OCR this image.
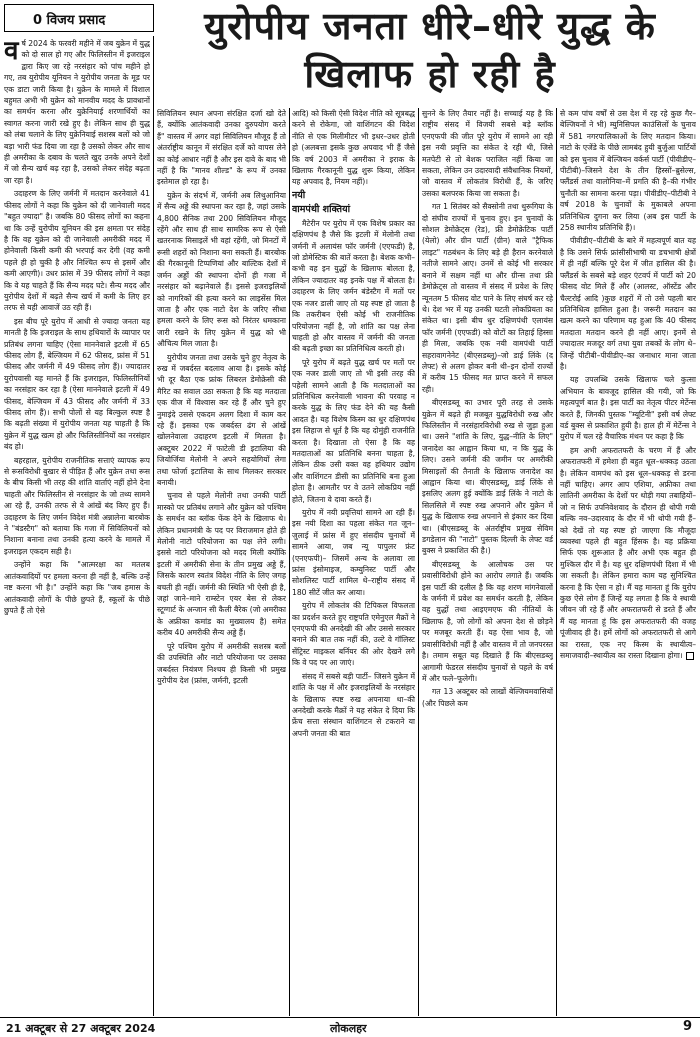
0 विजय प्रसाद	युरोपीय जनता धीरे–धीरे युद्ध के
खिलाफ हो रही है

वर्ष 2024 के फरवरी महीने में जब युक्रेन में युद्ध को दो साल हो गए और फिलिस्तीन में इजराइल द्वारा किए जा रहे नरसंहार को पांच महीने हो गए, तब युरोपीय यूनियन ने युरोपीय जनता के मूड पर एक डाटा जारी किया है। युक्रेन के मामले में विशाल बहुमत अभी भी युक्रेन को मानवीय मदद के प्रावधानों का समर्थन करना और युक्रेनियाई शरणार्थियों का स्वागत करना जारी रखे हुए है। लेकिन साथ ही युद्ध को लंबा चलाने के लिए युक्रेनियाई सशस्त्र बलों को जो बड़ा भारी फंड दिया जा रहा है उसको लेकर और साथ ही अमरीका के दबाव के चलते खुद उनके अपने देशों में जो सैन्य खर्च बढ़ रहा है, उसको लेकर संदेह बढ़ता जा रहा है।

उदाहरण के लिए जर्मनी में मतदान करनेवाले 41 फीसद लोगों ने कहा कि युक्रेन को दी जानेवाली मदद "बहुत ज्यादा" है। जबकि 80 फीसद लोगों का कहना था कि उन्हें युरोपीय यूनियन की इस क्षमता पर संदेह है कि वह युक्रेन को दी जानेवाली अमरीकी मदद में होनेवाली किसी कमी की भरपाई कर देगी (वह कमी पहले ही हो चुकी है और निश्चित रूप से इसमें और कमी आएगी)। उधर फ्रांस में 39 फीसद लोगों ने कहा कि वे यह चाहते हैं कि सैन्य मदद घटे। सैन्य मदद और युरोपीय देशों में बढ़ते सैन्य खर्च में कमी के लिए हर तरफ से यही आवाजें उठ रही हैं।

इस बीच पूरे युरोप में आधी से ज्यादा जनता यह मानती है कि इजराइल के साथ हथियारों के व्यापार पर प्रतिबंध लगना चाहिए (ऐसा माननेवाले इटली में 65 फीसद लोग हैं, बेल्जियम में 62 फीसद, फ्रांस में 51 फीसद और जर्मनी में 49 फीसद लोग हैं)। ज्यादातर युरोपवासी यह मानते हैं कि इजराइल, फिलिस्तीनियों का नरसंहार कर रहा है (ऐसा माननेवाले इटली में 49 फीसद, बेल्जियम में 43 फीसद और जर्मनी में 33 फीसद लोग हैं)। सभी पोलों से यह बिल्कुल स्पष्ट है कि बढ़ती संख्या में युरोपीय जनता यह चाहती है कि युक्रेन में युद्ध खत्म हो और फिलिस्तीनियों का नरसंहार बंद हो।

बहरहाल, युरोपीय राजनीतिक सत्ताएं व्यापक रूप से रूसविरोधी बुखार से पीड़ित हैं और युक्रेन तथा रूस के बीच किसी भी तरह की शांति वार्ताएं नहीं होने देना चाहती और फिलिस्तीन से नरसंहार के जो तथ्य सामने आ रहे हैं, उनकी तरफ से वे आंखें बंद किए हुए हैं। उदाहरण के लिए जर्मन विदेश मंत्री अन्नालेना बारबोक ने "बंडस्टैग" को बताया कि गजा में सिविलियनों को निशाना बनाना तथा उनकी हत्या करने के मामले में इजराइल एकदम सही है।

उन्होंने कहा कि "आत्मरक्षा का मतलब आतंकवादियों पर हमला करना ही नहीं है, बल्कि उन्हें नष्ट करना भी है।" उन्होंने कहा कि "जब हमास के आतंकवादी लोगों के पीछे छुपते हैं, स्कूलों के पीछे छुपते हैं तो ऐसे

सिविलियन स्थान अपना संरक्षित दर्जा खो देते हैं, क्योंकि आतंकवादी उनका दुरुपयोग करते हैं" वास्तव में अगर वहां सिविलियन मौजूद हैं तो अंतर्राष्ट्रीय कानून में संरक्षित दर्जे को वापस लेने का कोई आधार नहीं है और इस दावे के बाद भी नहीं है कि "मानव शील्ड" के रूप में उनका इस्तेमाल हो रहा है।

युक्रेन के संदर्भ में, जर्मनी अब लिथुआनिया में सैन्य अड्डे की स्थापना कर रहा है, जहां उसके 4,800 सैनिक तथा 200 सिविलियन मौजूद रहेंगे और साथ ही साथ सामरिक रूप से ऐसी खतरनाक मिसाइलें भी वहां रहेंगी, जो मिनटों में रूसी शहरों को निशाना बना सकती हैं। बारबोक की गैरकानूनी टिप्पणियां और बाल्टिक देशों में जर्मन अड्डों की स्थापना दोनों ही गजा में नरसंहार को बढ़ानेवाले हैं। इससे इजराइलियों को नागरिकों की हत्या करने का लाइसेंस मिल जाता है और एक नाटो देश के जरिए सीधा हमला करने के लिए रूस को निरंतर धमकाना जारी रखने के लिए युक्रेन में युद्ध को भी औचित्य मिल जाता है।

युरोपीय जनता तथा उसके चुने हुए नेतृत्व के रुख में जबर्दस्त बदलाव आया है। इसके कोई भी दूर बैठा एक फ्रांक लिबरल डेमोक्रेसी की मैरिट का सवाल उठा सकता है कि यह मतदाता एक वीज में विश्वास कर रहे हैं और चुने हुए नुमाइंदे उससे एकदम अलग दिशा में काम कर रहे हैं। इसका एक जबर्दस्त ढंग से आंखें खोलनेवाला उदाहरण इटली में मिलता है। अक्टूबर 2022 में फाटेली डी इटालिया की जियोर्जिया मेलोनी ने अपने सहयोगियों लेगा तथा फोर्जा इटालिया के साथ मिलकर सरकार बनायी।

चुनाव से पहले मेलोनी तथा उनकी पार्टी मास्को पर प्रतिबंध लगाने और युक्रेन को पश्चिम के समर्थन का ब्लॉक फेंक देने के खिलाफ थे। लेकिन प्रधानमंत्री के पद पर विराजमान होते ही मेलोनी नाटो परियोजना का पक्ष लेने लगी। इससे नाटो परियोजना को मदद मिली क्योंकि इटली में अमरीकी सेना के तीन प्रमुख अड्डे हैं, जिसके कारण स्वतंत्र विदेश नीति के लिए जगह बचती ही नहीं। जर्मनी की स्थिति भी ऐसी ही है, जहां जाने–माने राम्स्टेन एयर बेस से लेकर स्टूग्गार्ट के अन्जान सी कैली बैरेक (जो अमरीका के अफ्रीका कमांड का मुख्यालय है) समेत करीब 40 अमरीकी सैन्य अड्डे हैं।

पूरे पश्चिम युरोप में अमरीकी सशस्त्र बलों की उपस्थिति और नाटो परियोजना पर उसका जबर्दस्त नियंत्रण निश्चय ही किसी भी प्रमुख युरोपीय देश (फ्रांस, जर्मनी, इटली

आदि) को किसी ऐसी विदेश नीति को सूत्रबद्ध करने से रोकेगा, जो वाशिंगटन की विदेश नीति से एक मिलीमीटर भी इधर–उधर होती हो (अलबत्ता इसके कुछ अपवाद भी हैं जैसे कि वर्ष 2003 में अमरीका ने इराक के खिलाफ गैरकानूनी युद्ध शुरू किया, लेकिन यह अपवाद है, नियम नहीं)।

नयी

वामपंथी शक्तियां

मैटेरीन पर युरोप में एक विशेष प्रकार का दक्षिणपंथ है जैसे कि इटली में मेलोनी तथा जर्मनी में अलायंस फॉर जर्मनी (एएफडी) है, जो डोमेस्टिक की बातें करता है। बेशक कभी–कभी वह इन युद्धों के खिलाफ बोलता है, लेकिन ज्यादातर वह इनके पक्ष में बोलता है। उदाहरण के लिए जर्मन बंडेस्टैग में मतों पर एक नजर डाली जाए तो यह स्पष्ट हो जाता है कि तकरीबन ऐसी कोई भी राजनीतिक परियोजना नहीं है, जो शांति का पक्ष लेना चाहती हो और वास्तव में जर्मनी की जनता की बढ़ती इच्छा का प्रतिनिधित्व करती हो।

पूरे युरोप में बढ़ते युद्ध खर्च पर मतों पर एक नजर डाली जाए तो भी इसी तरह की पहेली सामने आती है कि मतदाताओं का प्रतिनिधित्व करनेवाली भावना की परवाह न करके युद्ध के लिए फंड देने की यह कैसी आदत है। यह विशेष किस्म का धुर दक्षिणपंथ इस लिहाज से धूर्त है कि यह दोमुंही राजनीति करता है। दिखाता तो ऐसा है कि वह मतदाताओं का प्रतिनिधि बनना चाहता है, लेकिन ठीक उसी वक्त वह हथियार उद्योग और वाशिंगटन डीसी का प्रतिनिधि बना हुआ होता है। आमतौर पर वे उतने लोकप्रिय नहीं होते, जितना वे दावा करते हैं।

युरोप में नयी प्रवृत्तियां सामने आ रही हैं। इस नयी दिशा का पहला संकेत गत जून–जुलाई में फ्रांस में हुए संसदीय चुनावों में सामने आया, जब न्यू पापुलर फ्रंट (एनएफपी)– जिसमें अन्य के अलावा ला फ्रांस इंसोमाइज, कम्युनिस्ट पार्टी और सोशलिस्ट पार्टी शामिल थे–राष्ट्रीय संसद में 180 सीटें जीत कर आया।

युरोप में लोकतंत्र की टिपिकल विफलता का प्रदर्शन करते हुए राष्ट्रपति एमेनुएल मैक्रों ने एनएफपी की अनदेखी की और उससे सरकार बनाने की बात तक नहीं की, उल्टे वे गॉलिस्ट सेंट्रिस्ट माइकल बर्नियर की ओर देखने लगे कि वे पद पर आ जाएं।

संसद में सबसे बड़ी पार्टी– जिसने युक्रेन में शांति के पक्ष में और इजराइलियों के नरसंहार के खिलाफ स्पष्ट रुख अपनाया था–की अनदेखी करके मैक्रों ने यह संकेत दे दिया कि फ्रेंच सत्ता संस्थान वाशिंगटन से टकराने या अपनी जनता की बात

सुनने के लिए तैयार नहीं है। सच्चाई यह है कि राष्ट्रीय संसद में विजयी सबसे बड़े ब्लॉक एनएफपी की जीत पूरे युरोप में सामने आ रही इस नयी प्रवृत्ति का संकेत दे रही थी, जिसे मतपेटी से तो बेशक पराजित नहीं किया जा सकता, लेकिन उन उदारवादी संवैधानिक नियमों, जो वास्तव में लोकतंत्र विरोधी हैं, के जरिए उसका बलपरक किया जा सकता है।

गत 1 सितंबर को सैक्सोनी तथा थुरूगिया के दो संघीय राज्यों में चुनाव हुए। इन चुनावों के सोशल डेमोक्रेट्स (रेड), फ्री डेमोक्रेटिक पार्टी (येलो) और ग्रीन पार्टी (ग्रीन) वाले "ट्रैफिक लाइट" गठबंधन के लिए बड़े ही हैरान करनेवाले नतीजे सामने आए। उनमें से कोई भी सरकार बनाने में सक्षम नहीं था और ग्रीन्स तथा फ्री डेमोक्रेट्स तो वास्तव में संसद में प्रवेश के लिए न्यूनतम 5 फीसद वोट पाने के लिए संघर्ष कर रहे थे। देश भर में यह उनकी घटती लोकप्रियता का संकेत था। इसी बीच धुर दक्षिणपंथी एलायंस फॉर जर्मनी (एएफडी) को वोटों का तिहाई हिस्सा ही मिला, जबकि एक नयी वामपंथी पार्टी सहरावागनेनेट (बीएसडब्लू)–जो डाई लिंके (द लेफ्ट) से अलग होकर बनी थी–इन दोनों राज्यों में करीब 15 फीसद मत प्राप्त करने में सफल रही।

बीएसडब्लू का उभार पूरी तरह से उसके युक्रेन में बढ़ते ही मजबूत युद्धविरोधी रुख और फिलिस्तीन में नरसंहारविरोधी रुख से जुड़ा हुआ था। उसने "शांति के लिए, युद्ध–नीति के लिए" जनादेश का आह्वान किया था, न कि युद्ध के लिए। उसने जर्मनी की जमीन पर अमरीकी मिसाइलों की तैनाती के खिलाफ जनादेश का आह्वान किया था। बीएसडब्लू, डाई लिंके से इसलिए अलग हुई क्योंकि डाई लिंके ने नाटो के सिलसिले में स्पष्ट रुख अपनाने और युक्रेन में युद्ध के खिलाफ रुख अपनाने से इंकार कर दिया था। (बीएसडब्लू के अंतर्राष्ट्रीय प्रमुख सेविम डगडेलान की "नाटो" पुस्तक दिल्ली के लेफ्ट वर्ड बुक्स ने प्रकाशित की है।)

बीएसडब्लू के आलोचक उस पर प्रवासीविरोधी होने का आरोप लगाते हैं। जबकि इस पार्टी की दलील है कि वह शरण मांगनेवालों के जर्मनी में प्रवेश का समर्थन करती है, लेकिन वह युद्धों तथा आइएमएफ की नीतियों के खिलाफ है, जो लोगों को अपना देश से छोड़ने पर मजबूर करती हैं। यह ऐसा भाव है, जो प्रवासीविरोधी नहीं है और वास्तव में तो जनपरस्त है। तमाम सबूत यह दिखाते हैं कि बीएसडब्लू आगामी फेडरल संसदीय चुनावों से पहले के वर्ष में और फले–फूलेगी।

गत 13 अक्टूबर को लाखों बेल्जियमवासियों (और पिछले कम

से कम पांच वर्षों से उस देश में रह रहे कुछ गैर–बेल्जियनों ने भी) म्युनिसिपल काउंसिलों के चुनाव में 581 नगरपालिकाओं के लिए मतदान किया। नाटो के एजेंडे के पीछे लामबंद हुयी बुर्जुआ पार्टियों को इस चुनाव में बेल्जियन वर्कर्स पार्टी (पीवीडीए–पीटीबी)–जिसने देश के तीन हिस्सों–ब्रुसेल्स, फ्लैंडर्स तथा वालोनिया–में प्रगति की है–की गंभीर चुनौती का सामना करना पड़ा। पीवीडीए–पीटीबी ने वर्ष 2018 के चुनावों के मुकाबले अपना प्रतिनिधित्व दुगना कर लिया (अब इस पार्टी के 258 स्थानीय प्रतिनिधि हैं)।

पीवीडीए–पीटीबी के बारे में महत्वपूर्ण बात यह है कि उसने सिर्फ फ्रांसीसीभाषी या डचभाषी क्षेत्रों में ही नहीं बल्कि पूरे देश में जीत हासिल की है। फ्लैंडर्स के सबसे बड़े शहर एंटवर्प में पार्टी को 20 फीसद वोट मिले हैं और (आलस्ट, ऑस्टेंड और चैल्टरोई आदि )कुछ शहरों में तो उसे पहली बार प्रतिनिधित्व हासिल हुआ है। जरूरी मतदान का खत्म करने का परिणाम यह हुआ कि 40 फीसद मतदाता मतदान करने ही नहीं आए। इनमें से ज्यादातर मजदूर वर्ग तथा युवा तबकों के लोग थे–जिन्हें पीटीबी–पीवीडीए–का जनाधार माना जाता है।

यह उपलब्धि उसके खिलाफ चले कुत्सा अभियान के बावजूद हासिल की गयी, जो कि महत्वपूर्ण बात है। इस पार्टी का नेतृत्व पीटर मेर्टेन्स करते हैं, जिनकी पुस्तक "म्यूटिनी" इसी वर्ष लेफ्ट वर्ड बुक्स से प्रकाशित हुयी है। हाल ही में मेर्टेन्स ने युरोप में चल रहे वैचारिक मंथन पर कहा है कि

हम अभी अफरातफरी के चरण में हैं और अफरातफरी में हमेशा ही बहुत धूल–धक्कड़ उठता है। लेकिन वामपंथ को इस धूल–धक्कड़ से डरना नहीं चाहिए। अगर आप एशिया, अफ्रीका तथा लातिनी अमरीका के देशों पर थोड़ी गया तबाहियों–जो न सिर्फ उपनिवेशवाद के दौरान ही थोपी गयी बल्कि नव–उदारवाद के दौर में भी थोपी गयी हैं– को देखें तो यह स्पष्ट हो जाएगा कि मौजूदा व्यवस्था पहले ही बहुत हिंसक है। यह प्रक्रिया सिर्फ एक शुरूआत है और अभी एक बहुत ही मुश्किल दौर में है। यह धुर दक्षिणपंथी दिशा में भी जा सकती है। लेकिन हमारा काम यह सुनिश्चित करना है कि ऐसा न हो। मैं यह मानता हूं कि युरोप कुछ ऐसे लोग हैं जिन्हें यह लगता है कि वे स्थायी जीवन जी रहे हैं और अफरातफरी से डरते हैं और मैं यह मानता हूं कि इस अफरातफरी की वजह पूंजीवाद ही है। हमें लोगों को अफरातफरी से आगे का रास्ता, एक नए किस्म के स्थायीत्व–समाजवादी–स्थायीत्व का रास्ता दिखाना होगा।

21 अक्टूबर से 27 अक्टूबर 2024	लोकलहर	9
